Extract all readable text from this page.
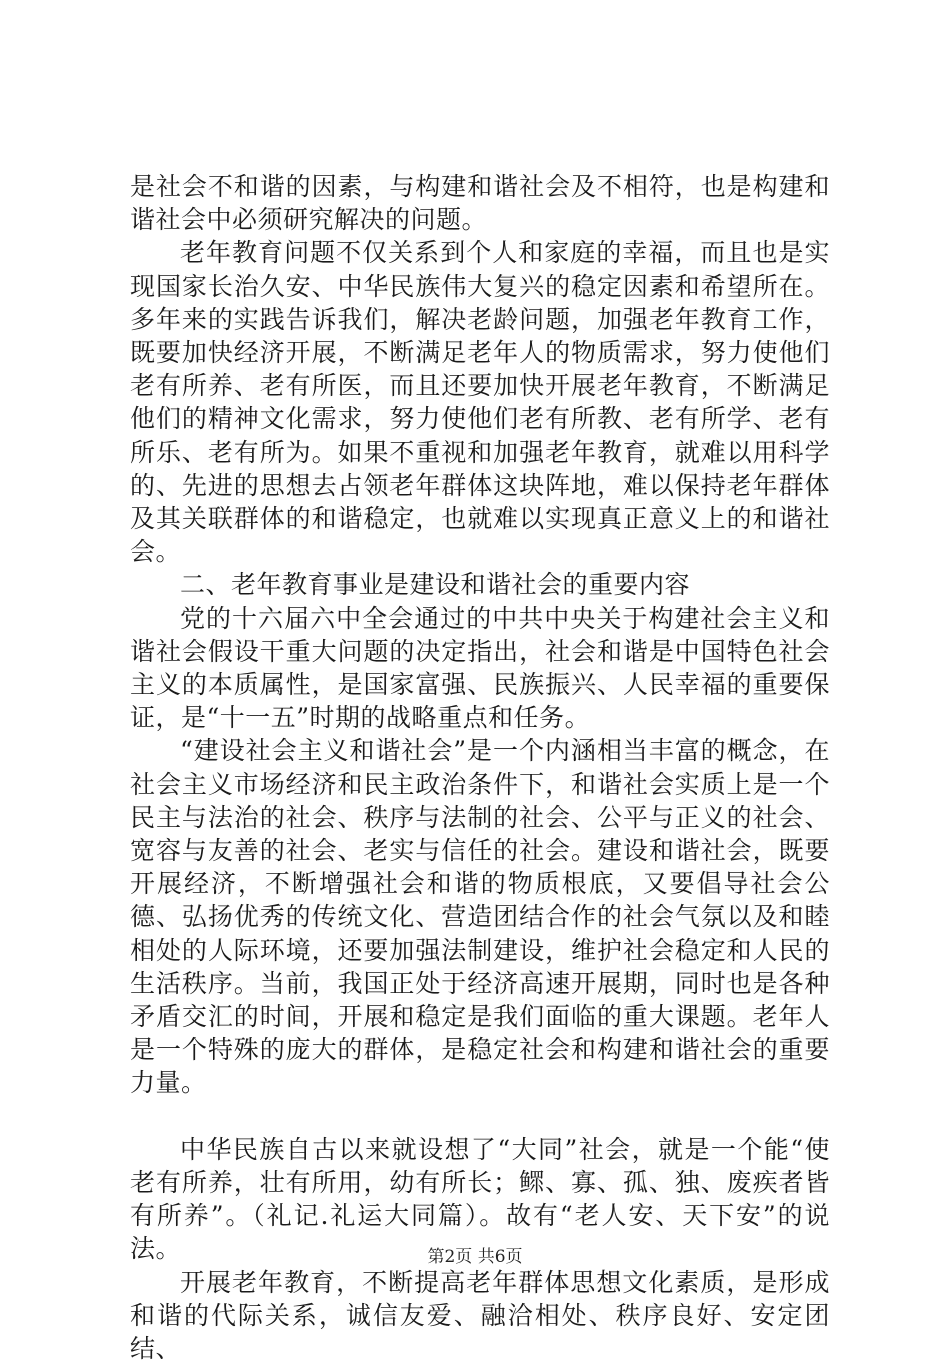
是社会不和谐的因素，与构建和谐社会及不相符，也是构建和谐社会中必须研究解决的问题。

老年教育问题不仅关系到个人和家庭的幸福，而且也是实现国家长治久安、中华民族伟大复兴的稳定因素和希望所在。多年来的实践告诉我们，解决老龄问题，加强老年教育工作，既要加快经济开展，不断满足老年人的物质需求，努力使他们老有所养、老有所医，而且还要加快开展老年教育，不断满足他们的精神文化需求，努力使他们老有所教、老有所学、老有所乐、老有所为。如果不重视和加强老年教育，就难以用科学的、先进的思想去占领老年群体这块阵地，难以保持老年群体及其关联群体的和谐稳定，也就难以实现真正意义上的和谐社会。

二、老年教育事业是建设和谐社会的重要内容

党的十六届六中全会通过的中共中央关于构建社会主义和谐社会假设干重大问题的决定指出，社会和谐是中国特色社会主义的本质属性，是国家富强、民族振兴、人民幸福的重要保证，是“十一五”时期的战略重点和任务。

“建设社会主义和谐社会”是一个内涵相当丰富的概念，在社会主义市场经济和民主政治条件下，和谐社会实质上是一个民主与法治的社会、秩序与法制的社会、公平与正义的社会、宽容与友善的社会、老实与信任的社会。建设和谐社会，既要开展经济，不断增强社会和谐的物质根底，又要倡导社会公德、弘扬优秀的传统文化、营造团结合作的社会气氛以及和睦相处的人际环境，还要加强法制建设，维护社会稳定和人民的生活秩序。当前，我国正处于经济高速开展期，同时也是各种矛盾交汇的时间，开展和稳定是我们面临的重大课题。老年人是一个特殊的庞大的群体，是稳定社会和构建和谐社会的重要力量。

中华民族自古以来就设想了“大同”社会，就是一个能“使老有所养，壮有所用，幼有所长；鳏、寡、孤、独、废疾者皆有所养”。（礼记.礼运大同篇）。故有“老人安、天下安”的说法。

开展老年教育，不断提高老年群体思想文化素质，是形成和谐的代际关系，诚信友爱、融洽相处、秩序良好、安定团结、

第2页 共6页
